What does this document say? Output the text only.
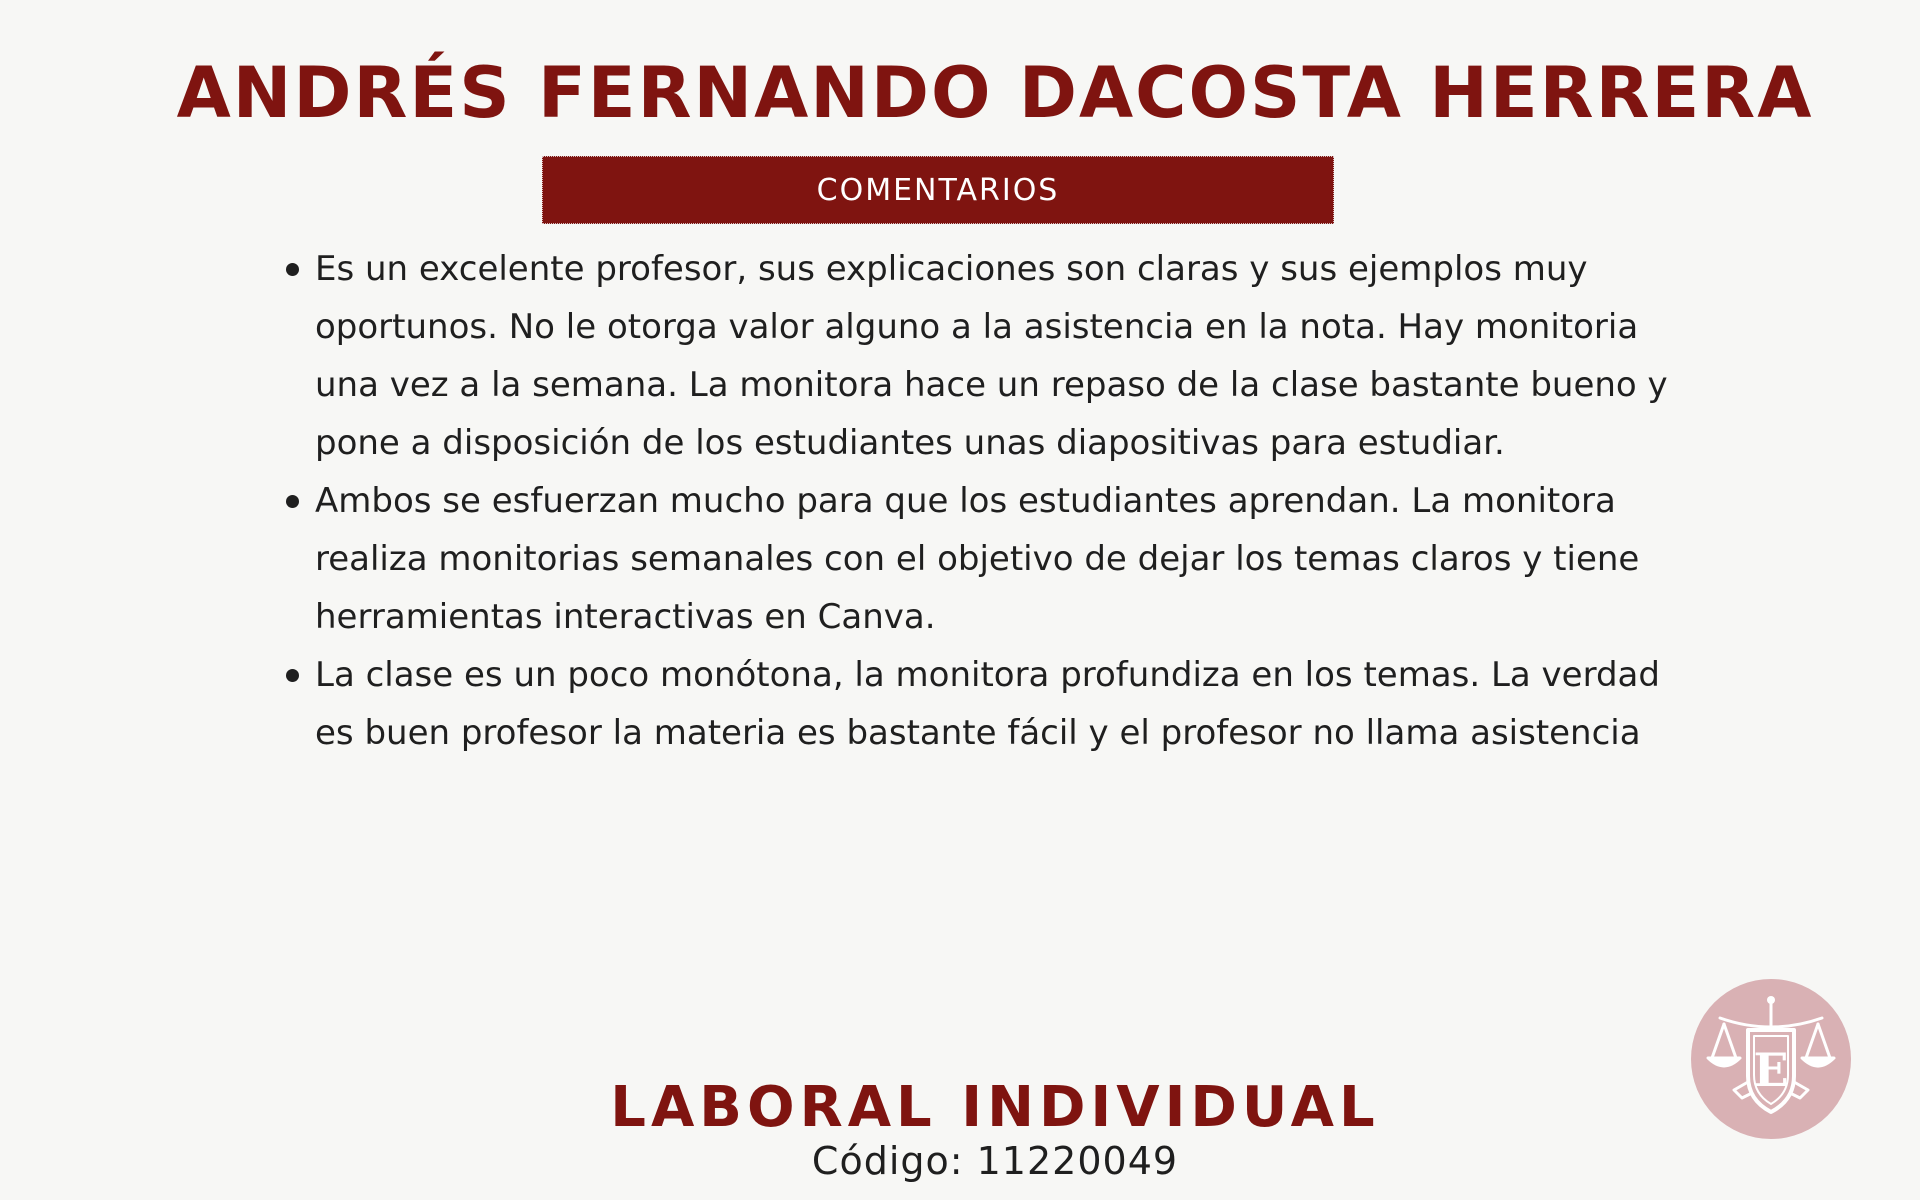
ANDRÉS FERNANDO DACOSTA HERRERA
COMENTARIOS
Es un excelente profesor, sus explicaciones son claras y sus ejemplos muy oportunos. No le otorga valor alguno a la asistencia en la nota. Hay monitoria una vez a la semana. La monitora hace un repaso de la clase bastante bueno y pone a disposición de los estudiantes unas diapositivas para estudiar.
Ambos se esfuerzan mucho para que los estudiantes aprendan. La monitora realiza monitorias semanales con el objetivo de dejar los temas claros y tiene herramientas interactivas en Canva.
La clase es un poco monótona, la monitora profundiza en los temas. La verdad es buen profesor la materia es bastante fácil y el profesor no llama asistencia
LABORAL INDIVIDUAL
Código: 11220049
E
